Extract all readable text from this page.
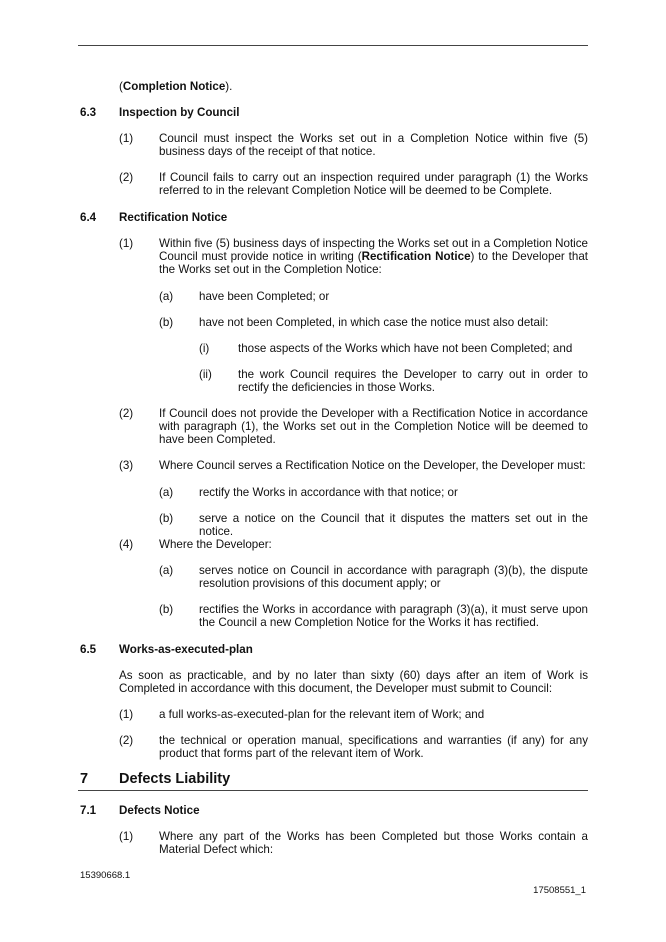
(Completion Notice).
6.3 Inspection by Council
(1) Council must inspect the Works set out in a Completion Notice within five (5) business days of the receipt of that notice.
(2) If Council fails to carry out an inspection required under paragraph (1) the Works referred to in the relevant Completion Notice will be deemed to be Complete.
6.4 Rectification Notice
(1) Within five (5) business days of inspecting the Works set out in a Completion Notice Council must provide notice in writing (Rectification Notice) to the Developer that the Works set out in the Completion Notice:
(a) have been Completed; or
(b) have not been Completed, in which case the notice must also detail:
(i) those aspects of the Works which have not been Completed; and
(ii) the work Council requires the Developer to carry out in order to rectify the deficiencies in those Works.
(2) If Council does not provide the Developer with a Rectification Notice in accordance with paragraph (1), the Works set out in the Completion Notice will be deemed to have been Completed.
(3) Where Council serves a Rectification Notice on the Developer, the Developer must:
(a) rectify the Works in accordance with that notice; or
(b) serve a notice on the Council that it disputes the matters set out in the notice.
(4) Where the Developer:
(a) serves notice on Council in accordance with paragraph (3)(b), the dispute resolution provisions of this document apply; or
(b) rectifies the Works in accordance with paragraph (3)(a), it must serve upon the Council a new Completion Notice for the Works it has rectified.
6.5 Works-as-executed-plan
As soon as practicable, and by no later than sixty (60) days after an item of Work is Completed in accordance with this document, the Developer must submit to Council:
(1) a full works-as-executed-plan for the relevant item of Work; and
(2) the technical or operation manual, specifications and warranties (if any) for any product that forms part of the relevant item of Work.
7 Defects Liability
7.1 Defects Notice
(1) Where any part of the Works has been Completed but those Works contain a Material Defect which:
15390668.1
17508551_1
